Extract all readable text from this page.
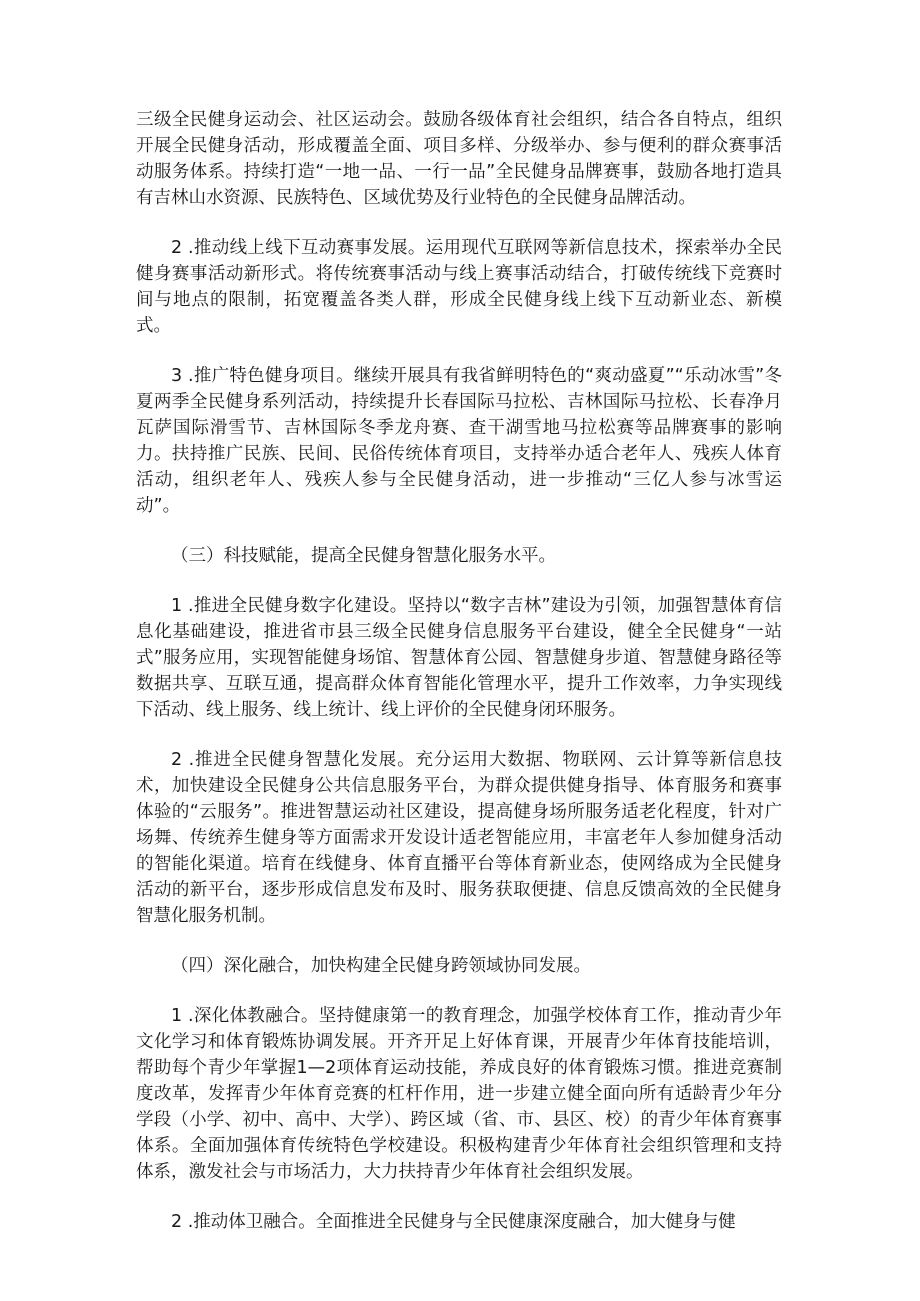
三级全民健身运动会、社区运动会。鼓励各级体育社会组织，结合各自特点，组织开展全民健身活动，形成覆盖全面、项目多样、分级举办、参与便利的群众赛事活动服务体系。持续打造“一地一品、一行一品”全民健身品牌赛事，鼓励各地打造具有吉林山水资源、民族特色、区域优势及行业特色的全民健身品牌活动。

2 .推动线上线下互动赛事发展。运用现代互联网等新信息技术，探索举办全民健身赛事活动新形式。将传统赛事活动与线上赛事活动结合，打破传统线下竞赛时间与地点的限制，拓宽覆盖各类人群，形成全民健身线上线下互动新业态、新模式。

3 .推广特色健身项目。继续开展具有我省鲜明特色的“爽动盛夏”“乐动冰雪”冬夏两季全民健身系列活动，持续提升长春国际马拉松、吉林国际马拉松、长春净月瓦萨国际滑雪节、吉林国际冬季龙舟赛、查干湖雪地马拉松赛等品牌赛事的影响力。扶持推广民族、民间、民俗传统体育项目，支持举办适合老年人、残疾人体育活动，组织老年人、残疾人参与全民健身活动，进一步推动“三亿人参与冰雪运动”。

（三）科技赋能，提高全民健身智慧化服务水平。

1 .推进全民健身数字化建设。坚持以“数字吉林”建设为引领，加强智慧体育信息化基础建设，推进省市县三级全民健身信息服务平台建设，健全全民健身“一站式”服务应用，实现智能健身场馆、智慧体育公园、智慧健身步道、智慧健身路径等数据共享、互联互通，提高群众体育智能化管理水平，提升工作效率，力争实现线下活动、线上服务、线上统计、线上评价的全民健身闭环服务。

2 .推进全民健身智慧化发展。充分运用大数据、物联网、云计算等新信息技术，加快建设全民健身公共信息服务平台，为群众提供健身指导、体育服务和赛事体验的“云服务”。推进智慧运动社区建设，提高健身场所服务适老化程度，针对广场舞、传统养生健身等方面需求开发设计适老智能应用，丰富老年人参加健身活动的智能化渠道。培育在线健身、体育直播平台等体育新业态，使网络成为全民健身活动的新平台，逐步形成信息发布及时、服务获取便捷、信息反馈高效的全民健身智慧化服务机制。

（四）深化融合，加快构建全民健身跨领域协同发展。

1 .深化体教融合。坚持健康第一的教育理念，加强学校体育工作，推动青少年文化学习和体育锻炼协调发展。开齐开足上好体育课，开展青少年体育技能培训，帮助每个青少年掌握1—2项体育运动技能，养成良好的体育锻炼习惯。推进竞赛制度改革，发挥青少年体育竞赛的杠杆作用，进一步建立健全面向所有适龄青少年分学段（小学、初中、高中、大学）、跨区域（省、市、县区、校）的青少年体育赛事体系。全面加强体育传统特色学校建设。积极构建青少年体育社会组织管理和支持体系，激发社会与市场活力，大力扶持青少年体育社会组织发展。

2 .推动体卫融合。全面推进全民健身与全民健康深度融合，加大健身与健
